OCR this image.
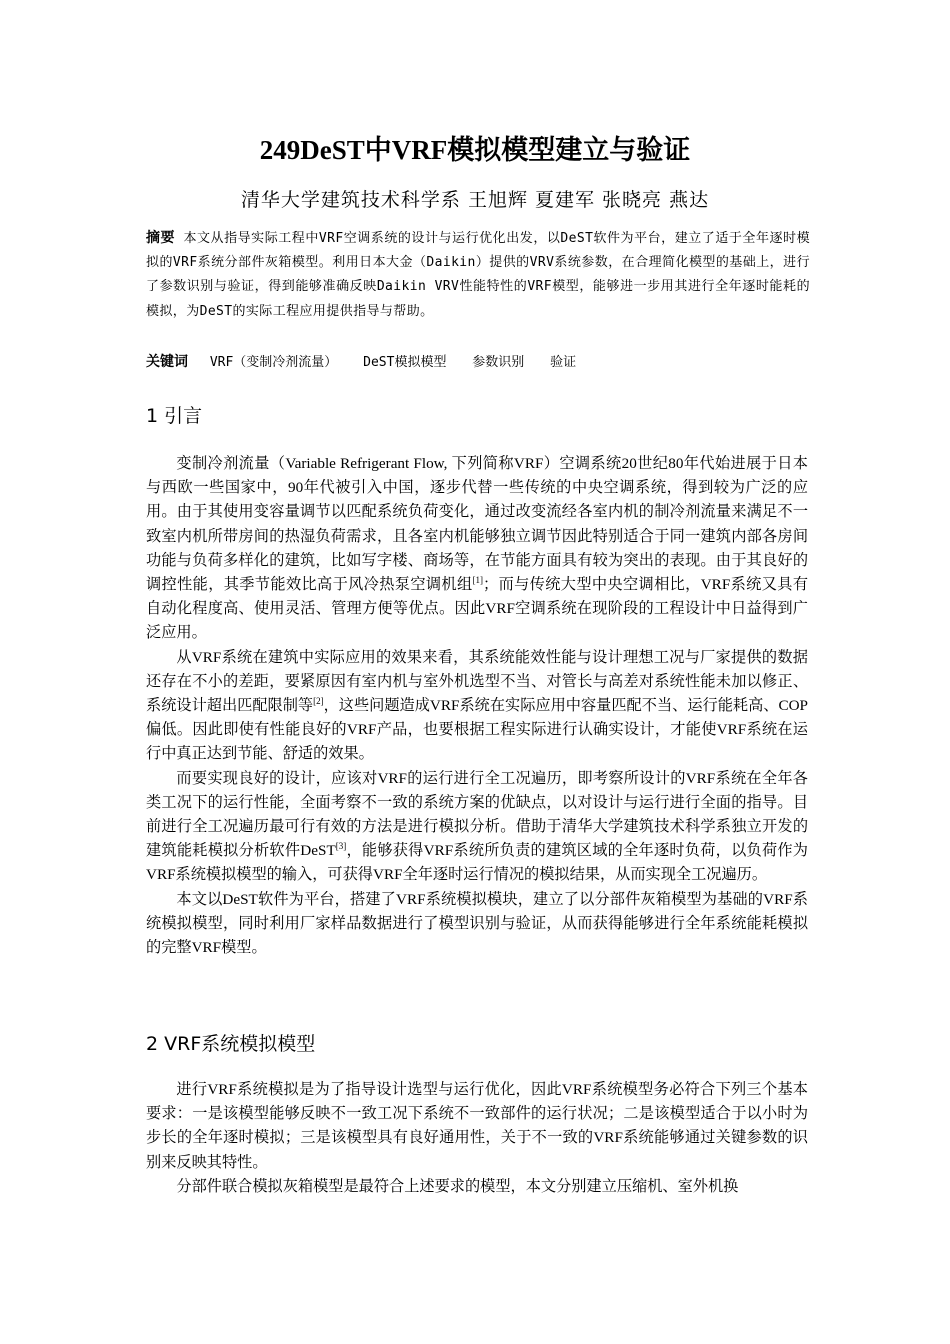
249DeST中VRF模拟模型建立与验证
清华大学建筑技术科学系 王旭辉 夏建军 张晓亮 燕达
摘要 本文从指导实际工程中VRF空调系统的设计与运行优化出发，以DeST软件为平台，建立了适于全年逐时模拟的VRF系统分部件灰箱模型。利用日本大金（Daikin）提供的VRV系统参数，在合理简化模型的基础上，进行了参数识别与验证，得到能够准确反映Daikin VRV性能特性的VRF模型，能够进一步用其进行全年逐时能耗的模拟，为DeST的实际工程应用提供指导与帮助。
关键词 VRF（变制冷剂流量） DeST模拟模型 参数识别 验证
1 引言

变制冷剂流量（Variable Refrigerant Flow, 下列简称VRF）空调系统20世纪80年代始进展于日本与西欧一些国家中，90年代被引入中国，逐步代替一些传统的中央空调系统，得到较为广泛的应用。由于其使用变容量调节以匹配系统负荷变化，通过改变流经各室内机的制冷剂流量来满足不一致室内机所带房间的热湿负荷需求，且各室内机能够独立调节因此特别适合于同一建筑内部各房间功能与负荷多样化的建筑，比如写字楼、商场等，在节能方面具有较为突出的表现。由于其良好的调控性能，其季节能效比高于风冷热泵空调机组[1]；而与传统大型中央空调相比，VRF系统又具有自动化程度高、使用灵活、管理方便等优点。因此VRF空调系统在现阶段的工程设计中日益得到广泛应用。

从VRF系统在建筑中实际应用的效果来看，其系统能效性能与设计理想工况与厂家提供的数据还存在不小的差距，要紧原因有室内机与室外机选型不当、对管长与高差对系统性能未加以修正、系统设计超出匹配限制等[2]，这些问题造成VRF系统在实际应用中容量匹配不当、运行能耗高、COP偏低。因此即使有性能良好的VRF产品，也要根据工程实际进行认确实设计，才能使VRF系统在运行中真正达到节能、舒适的效果。

而要实现良好的设计，应该对VRF的运行进行全工况遍历，即考察所设计的VRF系统在全年各类工况下的运行性能，全面考察不一致的系统方案的优缺点，以对设计与运行进行全面的指导。目前进行全工况遍历最可行有效的方法是进行模拟分析。借助于清华大学建筑技术科学系独立开发的建筑能耗模拟分析软件DeST[3]，能够获得VRF系统所负责的建筑区域的全年逐时负荷，以负荷作为VRF系统模拟模型的输入，可获得VRF全年逐时运行情况的模拟结果，从而实现全工况遍历。

本文以DeST软件为平台，搭建了VRF系统模拟模块，建立了以分部件灰箱模型为基础的VRF系统模拟模型，同时利用厂家样品数据进行了模型识别与验证，从而获得能够进行全年系统能耗模拟的完整VRF模型。

2 VRF系统模拟模型

进行VRF系统模拟是为了指导设计选型与运行优化，因此VRF系统模型务必符合下列三个基本要求：一是该模型能够反映不一致工况下系统不一致部件的运行状况；二是该模型适合于以小时为步长的全年逐时模拟；三是该模型具有良好通用性，关于不一致的VRF系统能够通过关键参数的识别来反映其特性。

分部件联合模拟灰箱模型是最符合上述要求的模型，本文分别建立压缩机、室外机换
